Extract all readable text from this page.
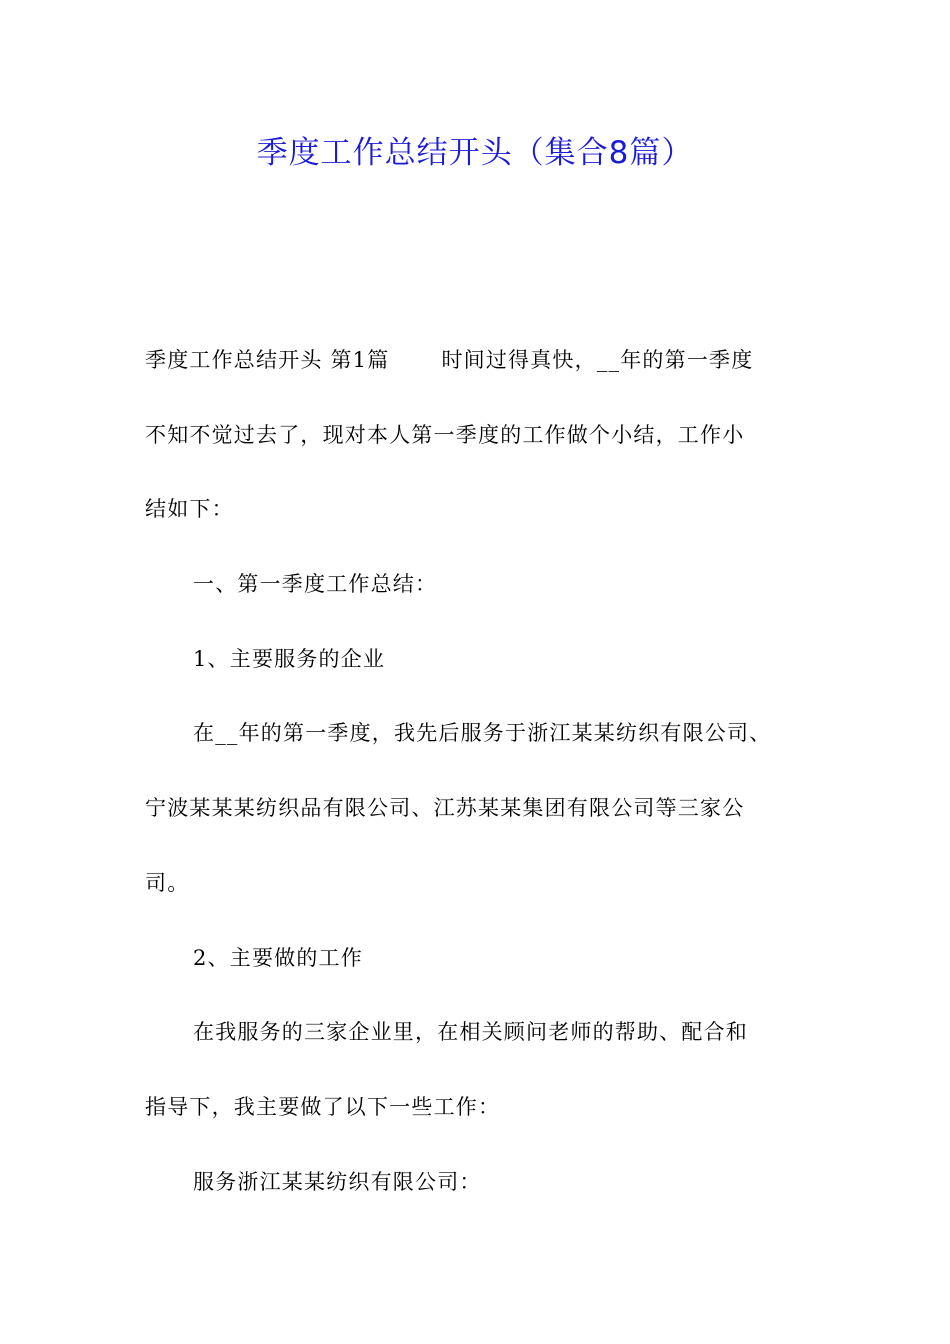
季度工作总结开头（集合8篇）
季度工作总结开头 第1篇 时间过得真快，__年的第一季度
不知不觉过去了，现对本人第一季度的工作做个小结，工作小
结如下：
一、第一季度工作总结：
1、主要服务的企业
在__年的第一季度，我先后服务于浙江某某纺织有限公司、
宁波某某某纺织品有限公司、江苏某某集团有限公司等三家公
司。
2、主要做的工作
在我服务的三家企业里，在相关顾问老师的帮助、配合和
指导下，我主要做了以下一些工作：
服务浙江某某纺织有限公司：
